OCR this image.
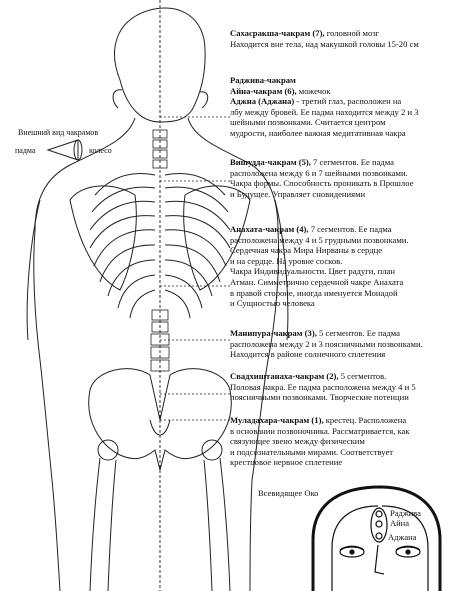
Внешний вид чакрамов
падма	колесо
Сахасракша-чакрам (7), головной мозг
Находится вне тела, над макушкой головы 15-20 см
Раджива-чакрам
Айна-чакрам (6), можечок
Аджна (Аджана) - третий глаз, расположен на
лбу между бровей. Ее падма находится между 2 и 3
шейными позвонками. Считается центром
мудрости, наиболее важная медитативная чакра
Вишудда-чакрам (5), 7 сегментов. Ее падма
расположена между 6 и 7 шейными позвонками.
Чакра формы. Способность проникать в Прошлое
и Будущее. Управляет сновидениями
Анахата-чакрам (4), 7 сегментов. Ее падма
расположена между 4 и 5 грудными позвонками.
Сердечная чакра Мира Нирваны в сердце
и на сердце. На уровне сосков.
Чакра Индивидуальности. Цвет радуги, план
Атман. Симметрично сердечной чакре Анахата
в правой стороне, иногда именуется Монадой
и Сущностью человека
Манипура-чакрам (3), 5 сегментов. Ее падма
расположена между 2 и 3 поясничными позвонками.
Находится в районе солнечного сплетения
Свадхиштанаха-чакрам (2), 5 сегментов.
Половая чакра. Ее падма расположена между 4 и 5
поясничными позвонками. Творческие потенции
Муладахара-чакрам (1), крестец. Расположена
в основании позвоночника. Рассматривается, как
связующее звено между физическим
и подсознательными мирами. Соответствует
крестцовое нервное сплетение
Всевидящее Око
Раджива
Айна
Аджана
